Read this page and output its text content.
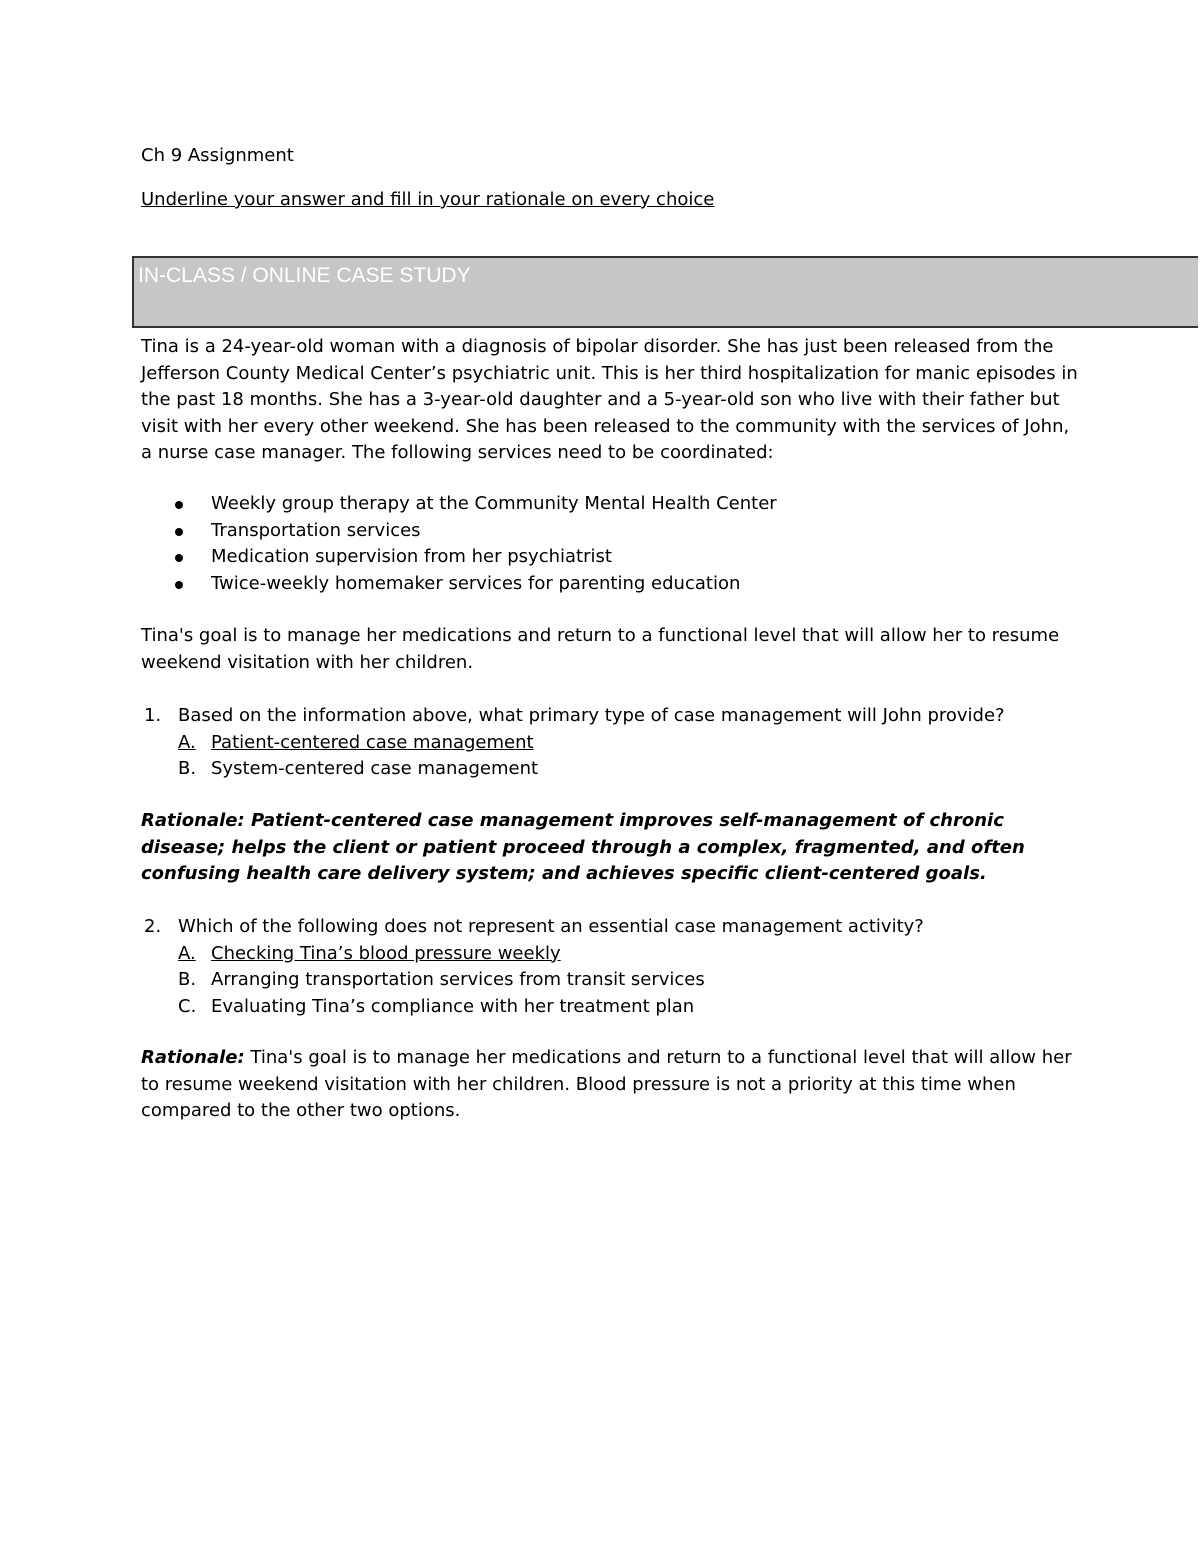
Ch 9 Assignment
Underline your answer and fill in your rationale on every choice
IN-CLASS / ONLINE CASE STUDY

Tina is a 24-year-old woman with a diagnosis of bipolar disorder. She has just been released from the Jefferson County Medical Center’s psychiatric unit. This is her third hospitalization for manic episodes in the past 18 months. She has a 3-year-old daughter and a 5-year-old son who live with their father but visit with her every other weekend. She has been released to the community with the services of John, a nurse case manager. The following services need to be coordinated:

Weekly group therapy at the Community Mental Health Center
Transportation services
Medication supervision from her psychiatrist
Twice-weekly homemaker services for parenting education

Tina's goal is to manage her medications and return to a functional level that will allow her to resume weekend visitation with her children.

1. Based on the information above, what primary type of case management will John provide?
A. Patient-centered case management
B. System-centered case management

Rationale: Patient-centered case management improves self-management of chronic disease; helps the client or patient proceed through a complex, fragmented, and often confusing health care delivery system; and achieves specific client-centered goals.

2. Which of the following does not represent an essential case management activity?
A. Checking Tina’s blood pressure weekly
B. Arranging transportation services from transit services
C. Evaluating Tina’s compliance with her treatment plan

Rationale: Tina's goal is to manage her medications and return to a functional level that will allow her to resume weekend visitation with her children. Blood pressure is not a priority at this time when compared to the other two options.
